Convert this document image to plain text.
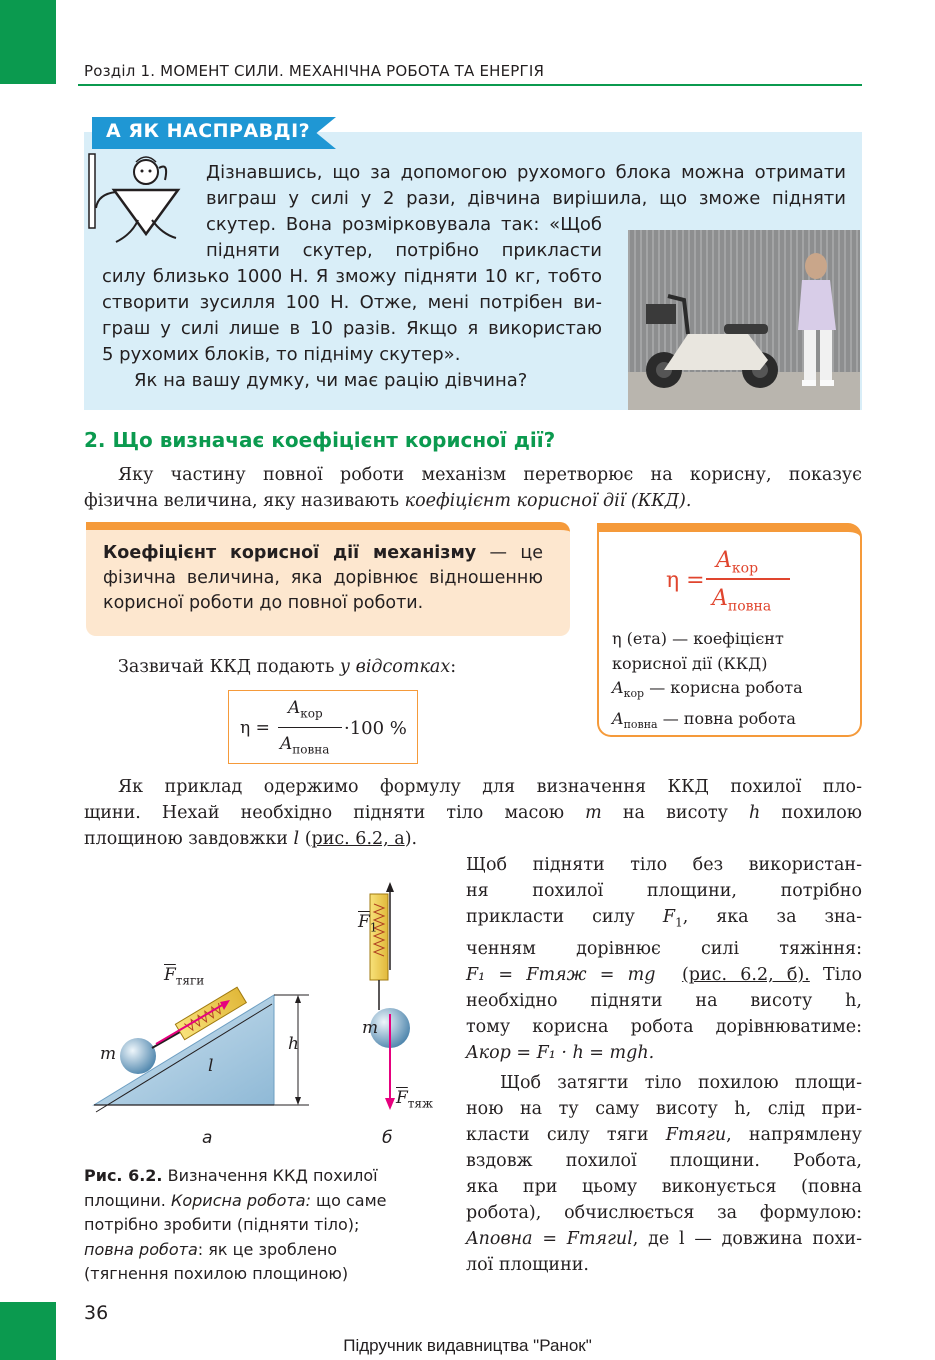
Розділ 1. МОМЕНТ СИЛИ. МЕХАНІЧНА РОБОТА ТА ЕНЕРГІЯ
А ЯК НАСПРАВДІ?
Дізнавшись, що за допомогою рухомого блока можна отримати
виграш у силі у 2 рази, дівчина вирішила, що зможе підняти
скутер. Вона розмірковувала так: «Щоб
підняти скутер, потрібно прикласти
силу близько 1000 Н. Я зможу підняти 10 кг, тобто
створити зусилля 100 Н. Отже, мені потрібен ви-
граш у силі лише в 10 разів. Якщо я використаю
5 рухомих блоків, то підніму скутер».
Як на вашу думку, чи має рацію дівчина?
2. Що визначає коефіцієнт корисної дії?
Яку частину повної роботи механізм перетворює на корисну, показує
фізична величина, яку називають коефіцієнт корисної дії (ККД).
Коефіцієнт корисної дії механізму — це
фізична величина, яка дорівнює відношенню
корисної роботи до повної роботи.
η =
$A_{кор}$
$A_{повна}$
η (ета) — коефіцієнт
корисної дії (ККД)
$A_{кор}$ — корисна робота
$A_{повна}$ — повна робота
Зазвичай ККД подають у відсотках:
η =
$A_{кор}$
$A_{повна}$
·100 %
Як приклад одержимо формулу для визначення ККД похилої пло-
щини. Нехай необхідно підняти тіло масою m на висоту h похилою
площиною завдовжки l (рис. 6.2, а).
Щоб підняти тіло без використан-
ня похилої площини, потрібно
прикласти силу $F_1$, яка за зна-
ченням дорівнює силі тяжіння:
F₁ = Fтяж = mg (рис. 6.2, б). Тіло
необхідно підняти на висоту h,
тому корисна робота дорівнюватиме:
Aкор = F₁ · h = mgh.
Щоб затягти тіло похилою площи-
ною на ту саму висоту h, слід при-
класти силу тяги Fтяги, напрямлену
вздовж похилої площини. Робота,
яка при цьому виконується (повна
робота), обчислюється за формулою:
Aповна = Fтягиl, де l — довжина похи-
лої площини.
m
l
h
$\overline{F}_{тяги}$
$\overline{F}_1$
m
$\overline{F}_{тяж}$
а	б
Рис. 6.2. Визначення ККД похилої
площини. Корисна робота: що саме
потрібно зробити (підняти тіло);
повна робота: як це зроблено
(тягнення похилою площиною)
36
Підручник видавництва "Ранок"
